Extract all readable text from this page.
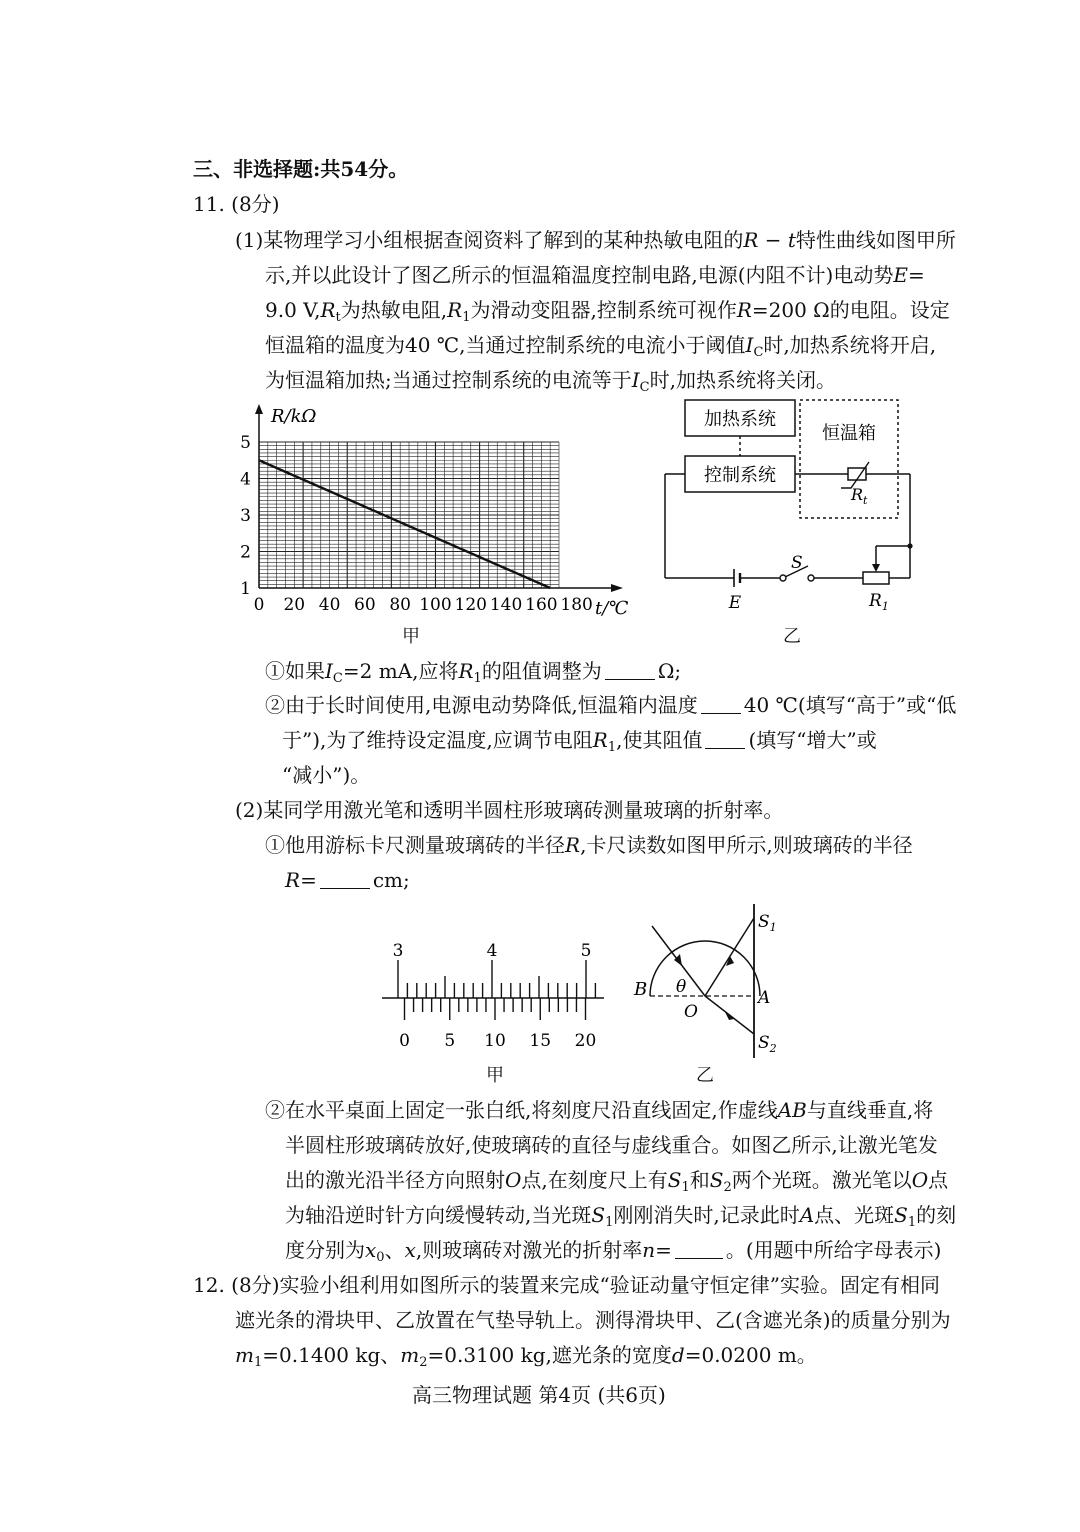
三、非选择题:共54分。
11. (8分)
(1)某物理学习小组根据查阅资料了解到的某种热敏电阻的R − t特性曲线如图甲所
示,并以此设计了图乙所示的恒温箱温度控制电路,电源(内阻不计)电动势E=
9.0 $V,R_t$为热敏电阻$,R_1$为滑动变阻器,控制系统可视作R=200 Ω的电阻。设定
恒温箱的温度为40 ℃,当通过控制系统的电流小于阈值$I_C$时,加热系统将开启,
为恒温箱加热;当通过控制系统的电流等于$I_C$时,加热系统将关闭。
R/kΩ
t/℃
1
2
3
4
5
0 20 40 60 80 100 120 140 160 180
甲
加热系统
控制系统
恒温箱
$R_t$
E
S
$R_1$
乙
①如果$I_C=2$ mA,应将$R_1$的阻值调整为	Ω;
②由于长时间使用,电源电动势降低,恒温箱内温度 40 ℃(填写“高于”或“低
于”),为了维持设定温度,应调节电阻$R_1$,使其阻值 (填写“增大”或
“减小”)。
(2)某同学用激光笔和透明半圆柱形玻璃砖测量玻璃的折射率。
①他用游标卡尺测量玻璃砖的半径R,卡尺读数如图甲所示,则玻璃砖的半径
R=	cm;
3	4	5
0 5 10 15 20
甲
B θ
O
A
$S_1$
$S_2$
乙
②在水平桌面上固定一张白纸,将刻度尺沿直线固定,作虚线AB与直线垂直,将
半圆柱形玻璃砖放好,使玻璃砖的直径与虚线重合。如图乙所示,让激光笔发
出的激光沿半径方向照射O点,在刻度尺上有$S_1$和$S_2$两个光斑。激光笔以O点
为轴沿逆时针方向缓慢转动,当光斑$S_1$刚刚消失时,记录此时A点、光斑$S_1$的刻
度分别为$x_0$、x,则玻璃砖对激光的折射率n=	。(用题中所给字母表示)
12. (8分)实验小组利用如图所示的装置来完成“验证动量守恒定律”实验。固定有相同
遮光条的滑块甲、乙放置在气垫导轨上。测得滑块甲、乙(含遮光条)的质量分别为
$m_1=0.1400$ kg、$m_2=0.3100$ kg,遮光条的宽度d=0.0200 m。
高三物理试题 第4页 (共6页)
